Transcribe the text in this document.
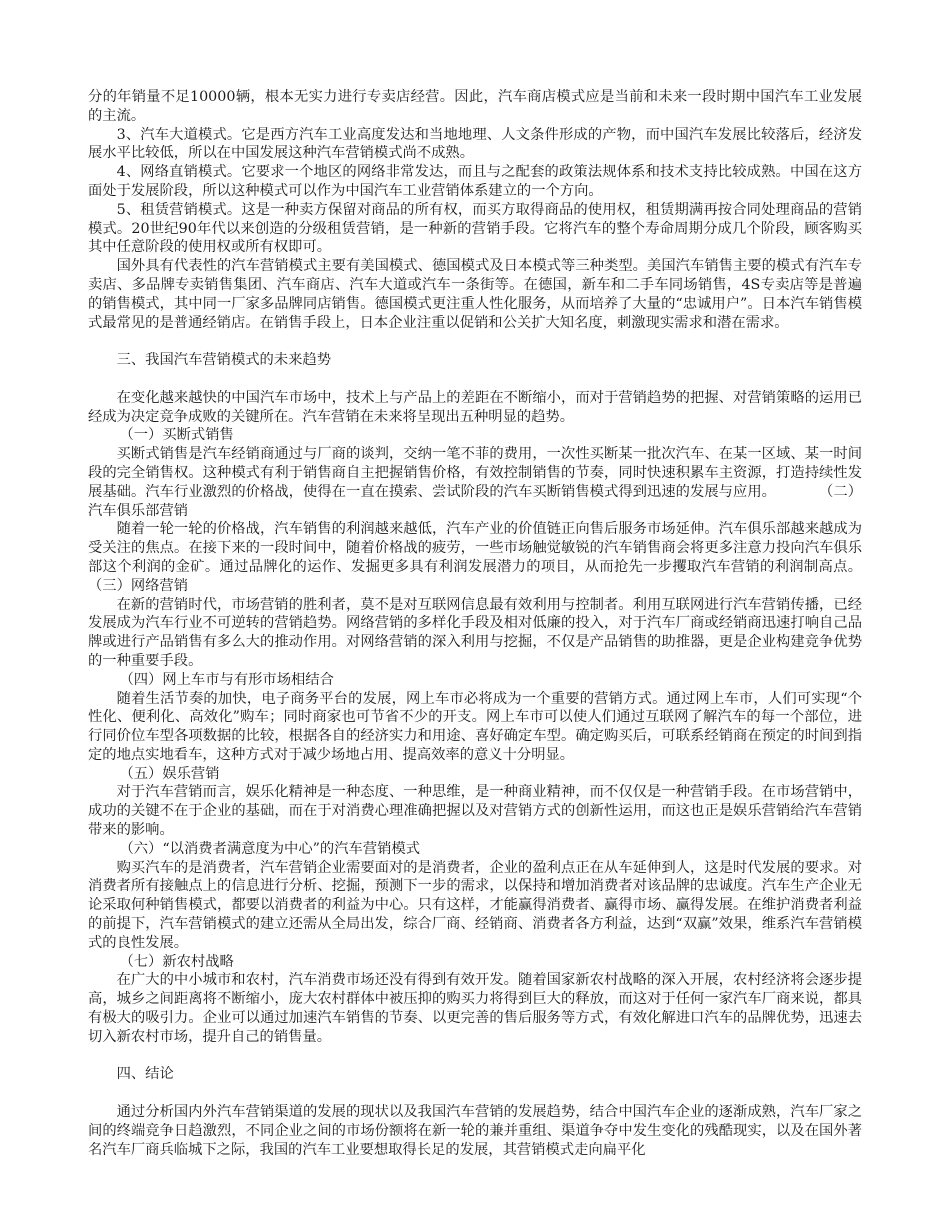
分的年销量不足10000辆，根本无实力进行专卖店经营。因此，汽车商店模式应是当前和未来一段时期中国汽车工业发展的主流。

3、汽车大道模式。它是西方汽车工业高度发达和当地地理、人文条件形成的产物，而中国汽车发展比较落后，经济发展水平比较低，所以在中国发展这种汽车营销模式尚不成熟。

4、网络直销模式。它要求一个地区的网络非常发达，而且与之配套的政策法规体系和技术支持比较成熟。中国在这方面处于发展阶段，所以这种模式可以作为中国汽车工业营销体系建立的一个方向。

5、租赁营销模式。这是一种卖方保留对商品的所有权，而买方取得商品的使用权，租赁期满再按合同处理商品的营销模式。20世纪90年代以来创造的分级租赁营销，是一种新的营销手段。它将汽车的整个寿命周期分成几个阶段，顾客购买其中任意阶段的使用权或所有权即可。

国外具有代表性的汽车营销模式主要有美国模式、德国模式及日本模式等三种类型。美国汽车销售主要的模式有汽车专卖店、多品牌专卖销售集团、汽车商店、汽车大道或汽车一条街等。在德国，新车和二手车同场销售，4S专卖店等是普遍的销售模式，其中同一厂家多品牌同店销售。德国模式更注重人性化服务，从而培养了大量的“忠诚用户”。日本汽车销售模式最常见的是普通经销店。在销售手段上，日本企业注重以促销和公关扩大知名度，刺激现实需求和潜在需求。

三、我国汽车营销模式的未来趋势

在变化越来越快的中国汽车市场中，技术上与产品上的差距在不断缩小，而对于营销趋势的把握、对营销策略的运用已经成为决定竞争成败的关键所在。汽车营销在未来将呈现出五种明显的趋势。

（一）买断式销售

买断式销售是汽车经销商通过与厂商的谈判，交纳一笔不菲的费用，一次性买断某一批次汽车、在某一区域、某一时间段的完全销售权。这种模式有利于销售商自主把握销售价格，有效控制销售的节奏，同时快速积累车主资源，打造持续性发展基础。汽车行业激烈的价格战，使得在一直在摸索、尝试阶段的汽车买断销售模式得到迅速的发展与应用。　　　　（二）汽车俱乐部营销

随着一轮一轮的价格战，汽车销售的利润越来越低，汽车产业的价值链正向售后服务市场延伸。汽车俱乐部越来越成为受关注的焦点。在接下来的一段时间中，随着价格战的疲劳，一些市场触觉敏锐的汽车销售商会将更多注意力投向汽车俱乐部这个利润的金矿。通过品牌化的运作、发掘更多具有利润发展潜力的项目，从而抢先一步攫取汽车营销的利润制高点。（三）网络营销

在新的营销时代，市场营销的胜利者，莫不是对互联网信息最有效利用与控制者。利用互联网进行汽车营销传播，已经发展成为汽车行业不可逆转的营销趋势。网络营销的多样化手段及相对低廉的投入，对于汽车厂商或经销商迅速打响自己品牌或进行产品销售有多么大的推动作用。对网络营销的深入利用与挖掘，不仅是产品销售的助推器，更是企业构建竞争优势的一种重要手段。

（四）网上车市与有形市场相结合

随着生活节奏的加快，电子商务平台的发展，网上车市必将成为一个重要的营销方式。通过网上车市，人们可实现“个性化、便利化、高效化”购车；同时商家也可节省不少的开支。网上车市可以使人们通过互联网了解汽车的每一个部位，进行同价位车型各项数据的比较，根据各自的经济实力和用途、喜好确定车型。确定购买后，可联系经销商在预定的时间到指定的地点实地看车，这种方式对于减少场地占用、提高效率的意义十分明显。

（五）娱乐营销

对于汽车营销而言，娱乐化精神是一种态度、一种思维，是一种商业精神，而不仅仅是一种营销手段。在市场营销中，成功的关键不在于企业的基础，而在于对消费心理准确把握以及对营销方式的创新性运用，而这也正是娱乐营销给汽车营销带来的影响。

（六）“以消费者满意度为中心”的汽车营销模式

购买汽车的是消费者，汽车营销企业需要面对的是消费者，企业的盈利点正在从车延伸到人，这是时代发展的要求。对消费者所有接触点上的信息进行分析、挖掘，预测下一步的需求，以保持和增加消费者对该品牌的忠诚度。汽车生产企业无论采取何种销售模式，都要以消费者的利益为中心。只有这样，才能赢得消费者、赢得市场、赢得发展。在维护消费者利益的前提下，汽车营销模式的建立还需从全局出发，综合厂商、经销商、消费者各方利益，达到“双赢”效果，维系汽车营销模式的良性发展。

（七）新农村战略

在广大的中小城市和农村，汽车消费市场还没有得到有效开发。随着国家新农村战略的深入开展，农村经济将会逐步提高，城乡之间距离将不断缩小，庞大农村群体中被压抑的购买力将得到巨大的释放，而这对于任何一家汽车厂商来说，都具有极大的吸引力。企业可以通过加速汽车销售的节奏、以更完善的售后服务等方式，有效化解进口汽车的品牌优势，迅速去切入新农村市场，提升自己的销售量。

四、结论

通过分析国内外汽车营销渠道的发展的现状以及我国汽车营销的发展趋势，结合中国汽车企业的逐渐成熟，汽车厂家之间的终端竞争日趋激烈，不同企业之间的市场份额将在新一轮的兼并重组、渠道争夺中发生变化的残酷现实，以及在国外著名汽车厂商兵临城下之际，我国的汽车工业要想取得长足的发展，其营销模式走向扁平化
